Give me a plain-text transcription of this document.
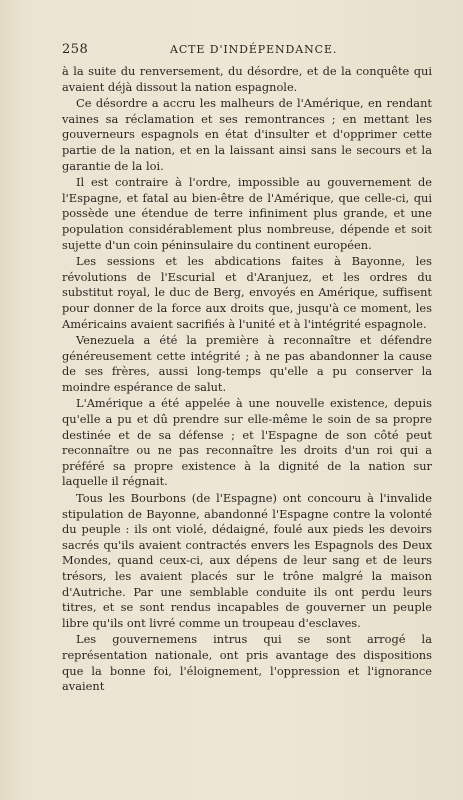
258	ACTE D'INDÉPENDANCE.

à la suite du renversement, du désordre, et de la conquête qui avaient déjà dissout la nation espagnole.

Ce désordre a accru les malheurs de l'Amérique, en rendant vaines sa réclamation et ses remontrances ; en mettant les gouverneurs espagnols en état d'insulter et d'opprimer cette partie de la nation, et en la laissant ainsi sans le secours et la garantie de la loi.

Il est contraire à l'ordre, impossible au gouvernement de l'Espagne, et fatal au bien-être de l'Amérique, que celle-ci, qui possède une étendue de terre infiniment plus grande, et une population considérablement plus nombreuse, dépende et soit sujette d'un coin péninsulaire du continent européen.

Les sessions et les abdications faites à Bayonne, les révolutions de l'Escurial et d'Aranjuez, et les ordres du substitut royal, le duc de Berg, envoyés en Amérique, suffisent pour donner de la force aux droits que, jusqu'à ce moment, les Américains avaient sacrifiés à l'unité et à l'intégrité espagnole.

Venezuela a été la première à reconnaître et défendre généreusement cette intégrité ; à ne pas abandonner la cause de ses frères, aussi long-temps qu'elle a pu conserver la moindre espérance de salut.

L'Amérique a été appelée à une nouvelle existence, depuis qu'elle a pu et dû prendre sur elle-même le soin de sa propre destinée et de sa défense ; et l'Espagne de son côté peut reconnaître ou ne pas reconnaître les droits d'un roi qui a préféré sa propre existence à la dignité de la nation sur laquelle il régnait.

Tous les Bourbons (de l'Espagne) ont concouru à l'invalide stipulation de Bayonne, abandonné l'Espagne contre la volonté du peuple : ils ont violé, dédaigné, foulé aux pieds les devoirs sacrés qu'ils avaient contractés envers les Espagnols des Deux Mondes, quand ceux-ci, aux dépens de leur sang et de leurs trésors, les avaient placés sur le trône malgré la maison d'Autriche. Par une semblable conduite ils ont perdu leurs titres, et se sont rendus incapables de gouverner un peuple libre qu'ils ont livré comme un troupeau d'esclaves.

Les gouvernemens intrus qui se sont arrogé la représentation nationale, ont pris avantage des dispositions que la bonne foi, l'éloignement, l'oppression et l'ignorance avaient
